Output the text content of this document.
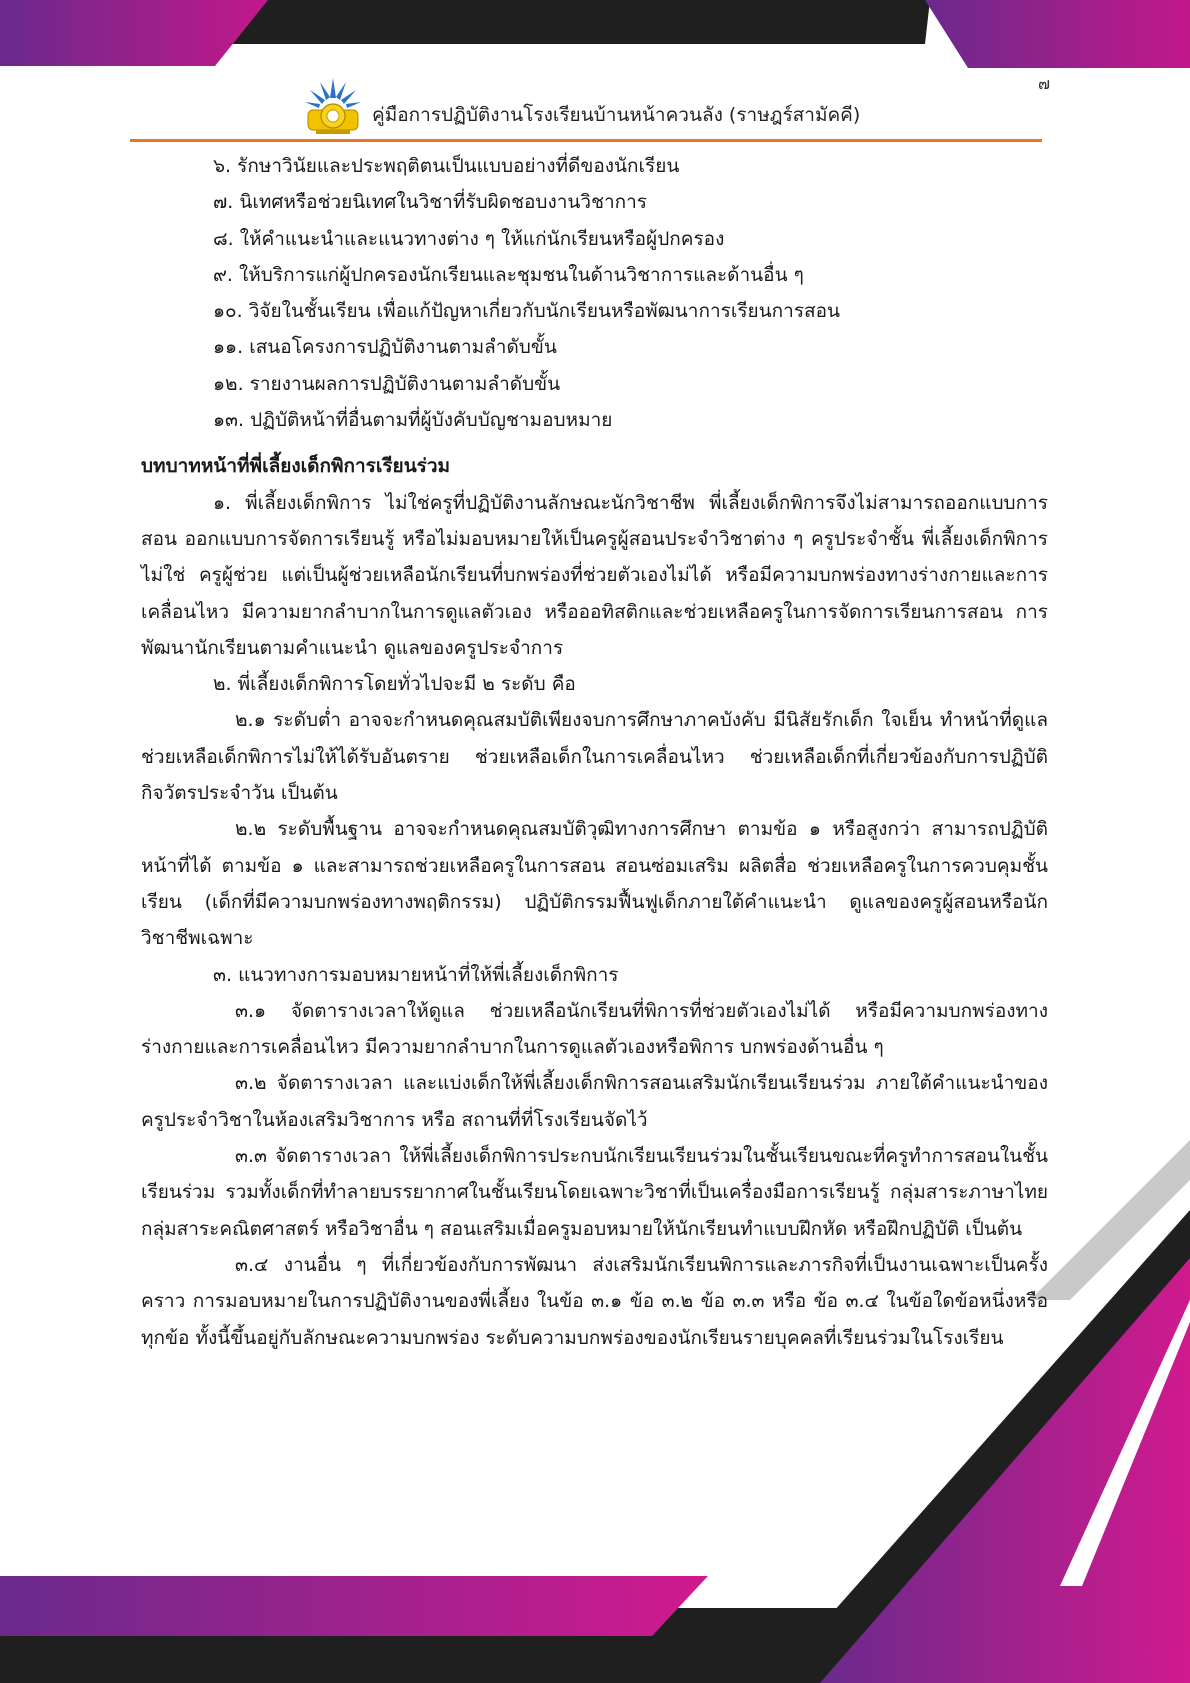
๗
คู่มือการปฏิบัติงานโรงเรียนบ้านหน้าควนลัง (ราษฎร์สามัคคี)

๖. รักษาวินัยและประพฤติตนเป็นแบบอย่างที่ดีของนักเรียน

๗. นิเทศหรือช่วยนิเทศในวิชาที่รับผิดชอบงานวิชาการ

๘. ให้คำแนะนำและแนวทางต่าง ๆ ให้แก่นักเรียนหรือผู้ปกครอง

๙. ให้บริการแก่ผู้ปกครองนักเรียนและชุมชนในด้านวิชาการและด้านอื่น ๆ

๑๐. วิจัยในชั้นเรียน เพื่อแก้ปัญหาเกี่ยวกับนักเรียนหรือพัฒนาการเรียนการสอน

๑๑. เสนอโครงการปฏิบัติงานตามลำดับขั้น

๑๒. รายงานผลการปฏิบัติงานตามลำดับขั้น

๑๓. ปฏิบัติหน้าที่อื่นตามที่ผู้บังคับบัญชามอบหมาย

บทบาทหน้าที่พี่เลี้ยงเด็กพิการเรียนร่วม

๑. พี่เลี้ยงเด็กพิการ ไม่ใช่ครูที่ปฏิบัติงานลักษณะนักวิชาชีพ พี่เลี้ยงเด็กพิการจึงไม่สามารถออกแบบการสอน ออกแบบการจัดการเรียนรู้ หรือไม่มอบหมายให้เป็นครูผู้สอนประจำวิชาต่าง ๆ ครูประจำชั้น พี่เลี้ยงเด็กพิการไม่ใช่ ครูผู้ช่วย แต่เป็นผู้ช่วยเหลือนักเรียนที่บกพร่องที่ช่วยตัวเองไม่ได้ หรือมีความบกพร่องทางร่างกายและการเคลื่อนไหว มีความยากลำบากในการดูแลตัวเอง หรือออทิสติกและช่วยเหลือครูในการจัดการเรียนการสอน การพัฒนานักเรียนตามคำแนะนำ ดูแลของครูประจำการ

๒. พี่เลี้ยงเด็กพิการโดยทั่วไปจะมี ๒ ระดับ คือ

๒.๑ ระดับต่ำ อาจจะกำหนดคุณสมบัติเพียงจบการศึกษาภาคบังคับ มีนิสัยรักเด็ก ใจเย็น ทำหน้าที่ดูแลช่วยเหลือเด็กพิการไม่ให้ได้รับอันตราย ช่วยเหลือเด็กในการเคลื่อนไหว ช่วยเหลือเด็กที่เกี่ยวข้องกับการปฏิบัติกิจวัตรประจำวัน เป็นต้น

๒.๒ ระดับพื้นฐาน อาจจะกำหนดคุณสมบัติวุฒิทางการศึกษา ตามข้อ ๑ หรือสูงกว่า สามารถปฏิบัติหน้าที่ได้ ตามข้อ ๑ และสามารถช่วยเหลือครูในการสอน สอนซ่อมเสริม ผลิตสื่อ ช่วยเหลือครูในการควบคุมชั้นเรียน (เด็กที่มีความบกพร่องทางพฤติกรรม) ปฏิบัติกรรมฟื้นฟูเด็กภายใต้คำแนะนำ ดูแลของครูผู้สอนหรือนักวิชาชีพเฉพาะ

๓. แนวทางการมอบหมายหน้าที่ให้พี่เลี้ยงเด็กพิการ

๓.๑ จัดตารางเวลาให้ดูแล ช่วยเหลือนักเรียนที่พิการที่ช่วยตัวเองไม่ได้ หรือมีความบกพร่องทางร่างกายและการเคลื่อนไหว มีความยากลำบากในการดูแลตัวเองหรือพิการ บกพร่องด้านอื่น ๆ

๓.๒ จัดตารางเวลา และแบ่งเด็กให้พี่เลี้ยงเด็กพิการสอนเสริมนักเรียนเรียนร่วม ภายใต้คำแนะนำของครูประจำวิชาในห้องเสริมวิชาการ หรือ สถานที่ที่โรงเรียนจัดไว้

๓.๓ จัดตารางเวลา ให้พี่เลี้ยงเด็กพิการประกบนักเรียนเรียนร่วมในชั้นเรียนขณะที่ครูทำการสอนในชั้นเรียนร่วม รวมทั้งเด็กที่ทำลายบรรยากาศในชั้นเรียนโดยเฉพาะวิชาที่เป็นเครื่องมือการเรียนรู้ กลุ่มสาระภาษาไทย กลุ่มสาระคณิตศาสตร์ หรือวิชาอื่น ๆ สอนเสริมเมื่อครูมอบหมายให้นักเรียนทำแบบฝึกหัด หรือฝึกปฏิบัติ เป็นต้น

๓.๔ งานอื่น ๆ ที่เกี่ยวข้องกับการพัฒนา ส่งเสริมนักเรียนพิการและภารกิจที่เป็นงานเฉพาะเป็นครั้งคราว การมอบหมายในการปฏิบัติงานของพี่เลี้ยง ในข้อ ๓.๑ ข้อ ๓.๒ ข้อ ๓.๓ หรือ ข้อ ๓.๔ ในข้อใดข้อหนึ่งหรือทุกข้อ ทั้งนี้ขึ้นอยู่กับลักษณะความบกพร่อง ระดับความบกพร่องของนักเรียนรายบุคคลที่เรียนร่วมในโรงเรียน
